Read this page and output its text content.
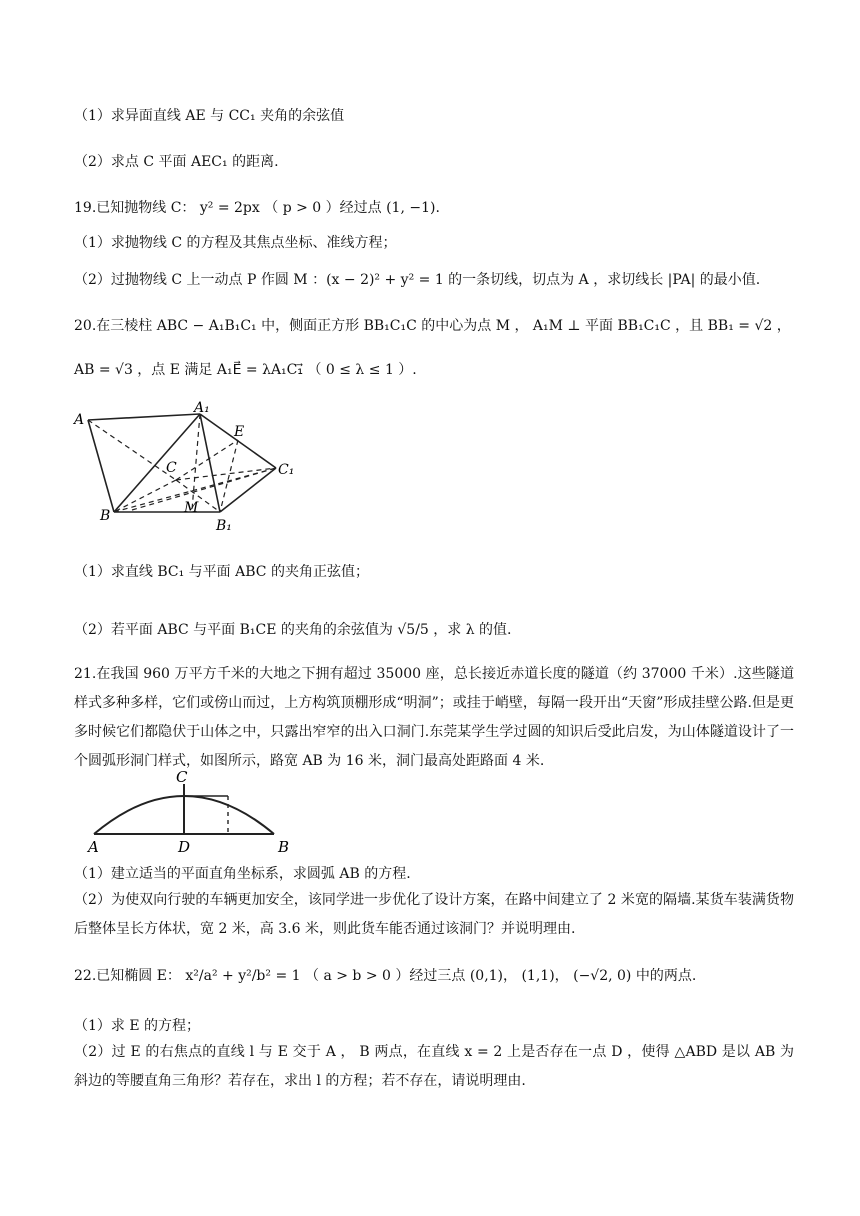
（1）求异面直线 AE 与 CC₁ 夹角的余弦值
（2）求点 C 平面 AEC₁ 的距离.
19.已知抛物线 C： y² = 2px （ p > 0 ）经过点 (1, −1).
（1）求抛物线 C 的方程及其焦点坐标、准线方程；
（2）过抛物线 C 上一动点 P 作圆 M ：(x − 2)² + y² = 1 的一条切线，切点为 A ，求切线长 |PA| 的最小值.
20.在三棱柱 ABC − A₁B₁C₁ 中，侧面正方形 BB₁C₁C 的中心为点 M ， A₁M ⊥ 平面 BB₁C₁C ，且 BB₁ = √2 ，
AB = √3 ，点 E 满足 A₁E⃗ = λA₁C₁⃗ （ 0 ≤ λ ≤ 1 ）.
A
A₁
E
C	C₁
B	M
B₁
（1）求直线 BC₁ 与平面 ABC 的夹角正弦值；
（2）若平面 ABC 与平面 B₁CE 的夹角的余弦值为 √5/5 ，求 λ 的值.
21.在我国 960 万平方千米的大地之下拥有超过 35000 座，总长接近赤道长度的隧道（约 37000 千米）.这些隧道样式多种多样，它们或傍山而过，上方构筑顶棚形成“明洞”；或挂于峭壁，每隔一段开出“天窗”形成挂壁公路.但是更多时候它们都隐伏于山体之中，只露出窄窄的出入口洞门.东莞某学生学过圆的知识后受此启发，为山体隧道设计了一个圆弧形洞门样式，如图所示，路宽 AB 为 16 米，洞门最高处距路面 4 米.
C
A	D	B
（1）建立适当的平面直角坐标系，求圆弧 AB 的方程.
（2）为使双向行驶的车辆更加安全，该同学进一步优化了设计方案，在路中间建立了 2 米宽的隔墙.某货车装满货物后整体呈长方体状，宽 2 米，高 3.6 米，则此货车能否通过该洞门？并说明理由.
22.已知椭圆 E： x²/a² + y²/b² = 1 （ a > b > 0 ）经过三点 (0,1)， (1,1)， (−√2, 0) 中的两点.
（1）求 E 的方程；
（2）过 E 的右焦点的直线 l 与 E 交于 A ， B 两点，在直线 x = 2 上是否存在一点 D ，使得 △ABD 是以 AB 为斜边的等腰直角三角形？若存在，求出 l 的方程；若不存在，请说明理由.
